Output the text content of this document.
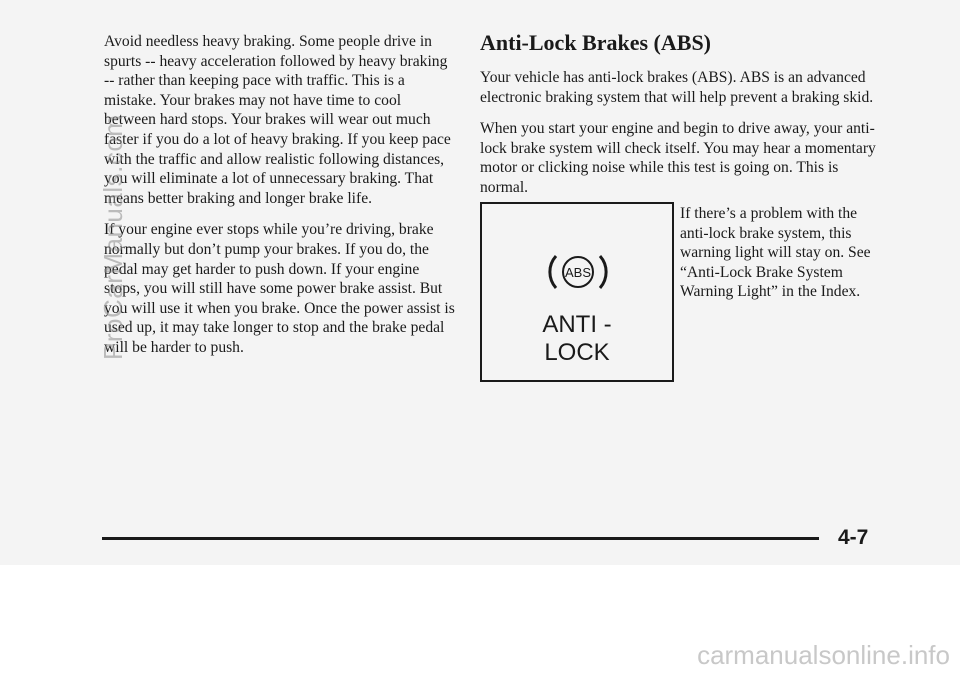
Avoid needless heavy braking. Some people drive in spurts -- heavy acceleration followed by heavy braking -- rather than keeping pace with traffic. This is a mistake. Your brakes may not have time to cool between hard stops. Your brakes will wear out much faster if you do a lot of heavy braking. If you keep pace with the traffic and allow realistic following distances, you will eliminate a lot of unnecessary braking. That means better braking and longer brake life.

If your engine ever stops while you’re driving, brake normally but don’t pump your brakes. If you do, the pedal may get harder to push down. If your engine stops, you will still have some power brake assist. But you will use it when you brake. Once the power assist is used up, it may take longer to stop and the brake pedal will be harder to push.

Anti-Lock Brakes (ABS)

Your vehicle has anti-lock brakes (ABS). ABS is an advanced electronic braking system that will help prevent a braking skid.

When you start your engine and begin to drive away, your anti-lock brake system will check itself. You may hear a momentary motor or clicking noise while this test is going on. This is normal.

ABS
ANTI -
LOCK
If there’s a problem with the anti-lock brake system, this warning light will stay on. See “Anti-Lock Brake System Warning Light” in the Index.
4-7
ProCarManuals.com
carmanualsonline.info
